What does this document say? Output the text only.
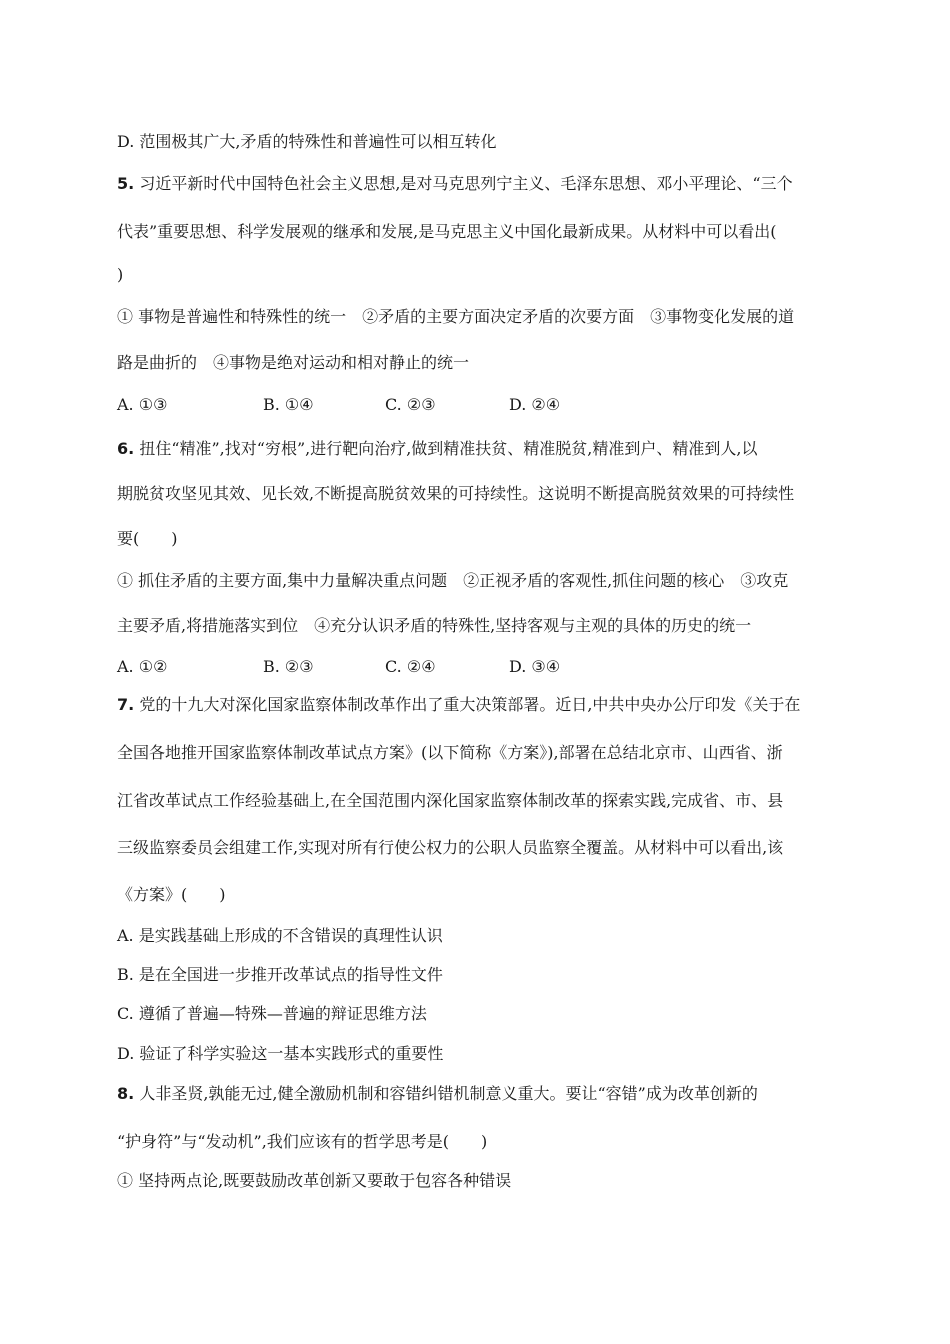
D. 范围极其广大,矛盾的特殊性和普遍性可以相互转化
5. 习近平新时代中国特色社会主义思想,是对马克思列宁主义、毛泽东思想、邓小平理论、“三个
代表”重要思想、科学发展观的继承和发展,是马克思主义中国化最新成果。从材料中可以看出(
)
① 事物是普遍性和特殊性的统一　②矛盾的主要方面决定矛盾的次要方面　③事物变化发展的道
路是曲折的　④事物是绝对运动和相对静止的统一
A. ①③	B. ①④	C. ②③	D. ②④
6. 扭住“精准”,找对“穷根”,进行靶向治疗,做到精准扶贫、精准脱贫,精准到户、精准到人,以
期脱贫攻坚见其效、见长效,不断提高脱贫效果的可持续性。这说明不断提高脱贫效果的可持续性
要(　　)
① 抓住矛盾的主要方面,集中力量解决重点问题　②正视矛盾的客观性,抓住问题的核心　③攻克
主要矛盾,将措施落实到位　④充分认识矛盾的特殊性,坚持客观与主观的具体的历史的统一
A. ①②	B. ②③	C. ②④	D. ③④
7. 党的十九大对深化国家监察体制改革作出了重大决策部署。近日,中共中央办公厅印发《关于在
全国各地推开国家监察体制改革试点方案》(以下简称《方案》),部署在总结北京市、山西省、浙
江省改革试点工作经验基础上,在全国范围内深化国家监察体制改革的探索实践,完成省、市、县
三级监察委员会组建工作,实现对所有行使公权力的公职人员监察全覆盖。从材料中可以看出,该
《方案》(　　)
A. 是实践基础上形成的不含错误的真理性认识
B. 是在全国进一步推开改革试点的指导性文件
C. 遵循了普遍—特殊—普遍的辩证思维方法
D. 验证了科学实验这一基本实践形式的重要性
8. 人非圣贤,孰能无过,健全激励机制和容错纠错机制意义重大。要让“容错”成为改革创新的
“护身符”与“发动机”,我们应该有的哲学思考是(　　)
① 坚持两点论,既要鼓励改革创新又要敢于包容各种错误
